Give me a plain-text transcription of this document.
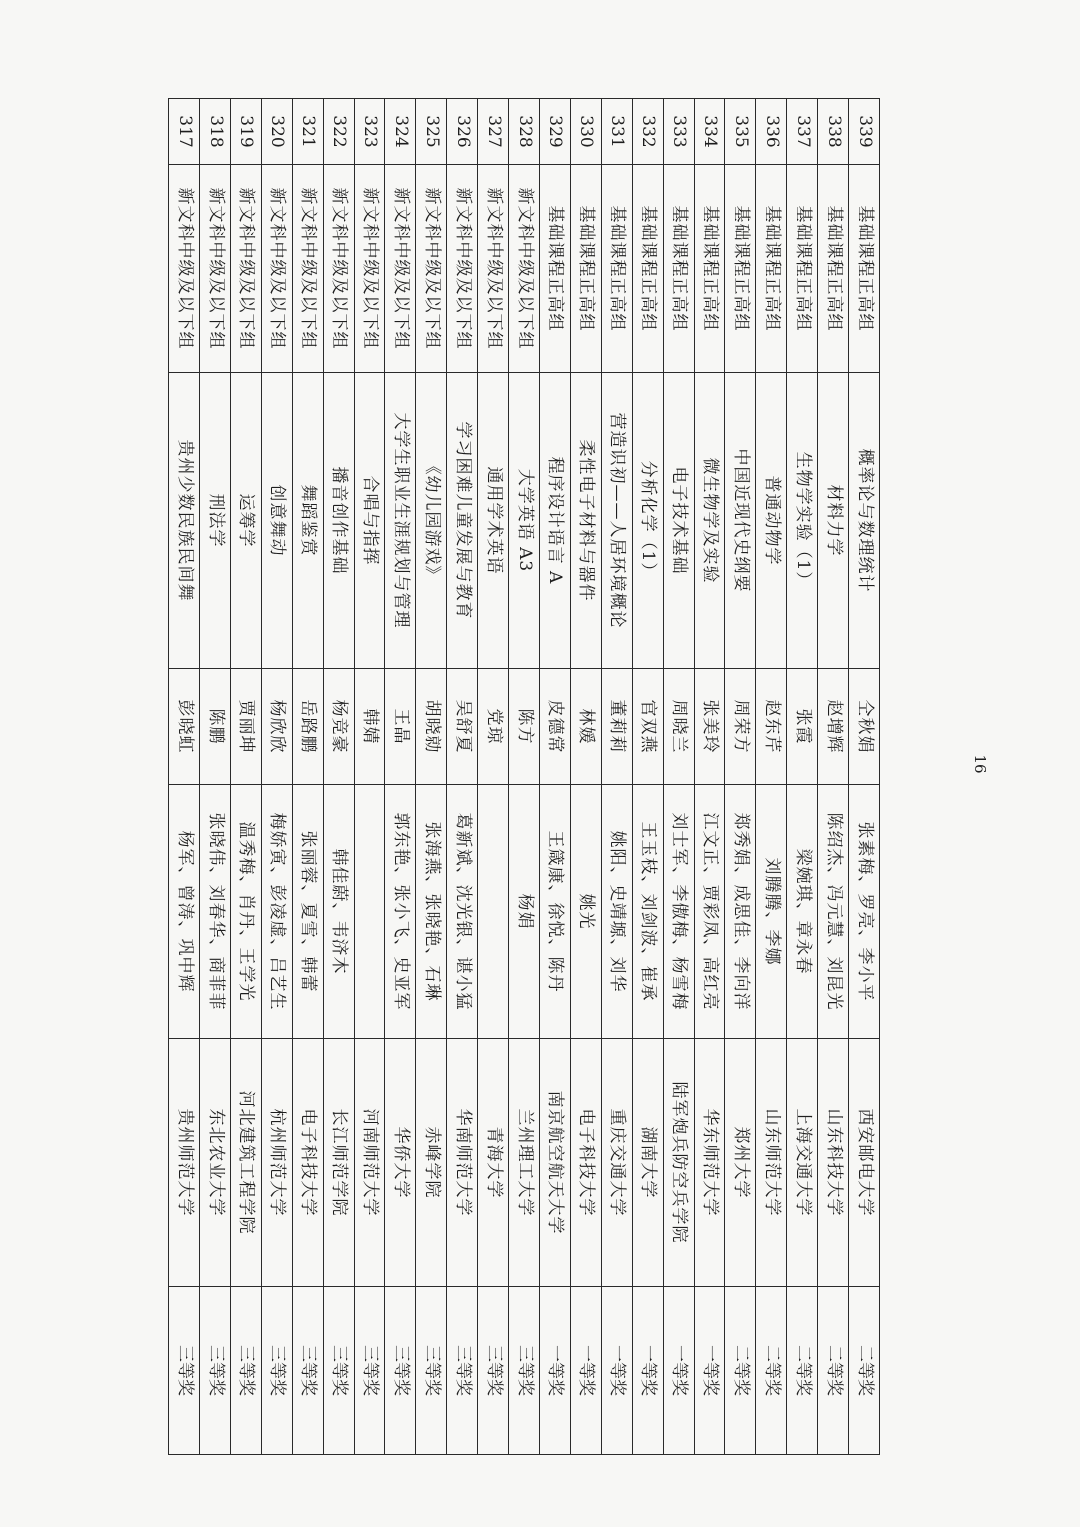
339	基础课程正高组	概率论与数理统计	仝秋娟	张素梅、罗亮、李小平	西安邮电大学	二等奖
338	基础课程正高组	材料力学	赵增辉	陈绍杰、冯元慧、刘昆光	山东科技大学	二等奖
337	基础课程正高组	生物学实验（1）	张霞	梁婉琪、章永春	上海交通大学	二等奖
336	基础课程正高组	普通动物学	赵东芹	刘腾腾、李娜	山东师范大学	二等奖
335	基础课程正高组	中国近现代史纲要	周荣方	郑秀娟、成思佳、李向洋	郑州大学	二等奖
334	基础课程正高组	微生物学及实验	张美玲	江文正、贾彩凤、高红亮	华东师范大学	一等奖
333	基础课程正高组	电子技术基础	周晓兰	刘士军、李傲梅、杨雪梅	陆军炮兵防空兵学院	一等奖
332	基础课程正高组	分析化学（1）	官双燕	王玉枝、刘剑波、崔承	湖南大学	一等奖
331	基础课程正高组	营造识初——人居环境概论	董莉莉	姚阳、史靖塬、刘华	重庆交通大学	一等奖
330	基础课程正高组	柔性电子材料与器件	林媛	姚光	电子科技大学	一等奖
329	基础课程正高组	程序设计语言 A	皮德常	王箴康、徐悦、陈丹	南京航空航天大学	一等奖
328	新文科中级及以下组	大学英语 A3	陈方	杨娟	兰州理工大学	三等奖
327	新文科中级及以下组	通用学术英语	党琼		青海大学	三等奖
326	新文科中级及以下组	学习困难儿童发展与教育	吴舒夏	葛新斌、沈光银、谌小猛	华南师范大学	三等奖
325	新文科中级及以下组	《幼儿园游戏》	胡晓勍	张海燕、张晓艳、石琳	赤峰学院	三等奖
324	新文科中级及以下组	大学生职业生涯规划与管理	王晶	郭东艳、张小飞、史亚军	华侨大学	三等奖
323	新文科中级及以下组	合唱与指挥	韩婧		河南师范大学	三等奖
322	新文科中级及以下组	播音创作基础	杨竞豪	韩佳蔚、韦济木	长江师范学院	三等奖
321	新文科中级及以下组	舞蹈鉴赏	岳路鹏	张丽蓉、夏雪、韩蕾	电子科技大学	三等奖
320	新文科中级及以下组	创意舞动	杨欣欣	梅娇寅、彭凌虚、吕艺生	杭州师范大学	三等奖
319	新文科中级及以下组	运筹学	贾丽坤	温秀梅、肖丹、王学光	河北建筑工程学院	三等奖
318	新文科中级及以下组	刑法学	陈鹏	张晓伟、刘春华、商菲菲	东北农业大学	三等奖
317	新文科中级及以下组	贵州少数民族民间舞	彭晓虹	杨军、曾涛、巩中辉	贵州师范大学	三等奖
16
